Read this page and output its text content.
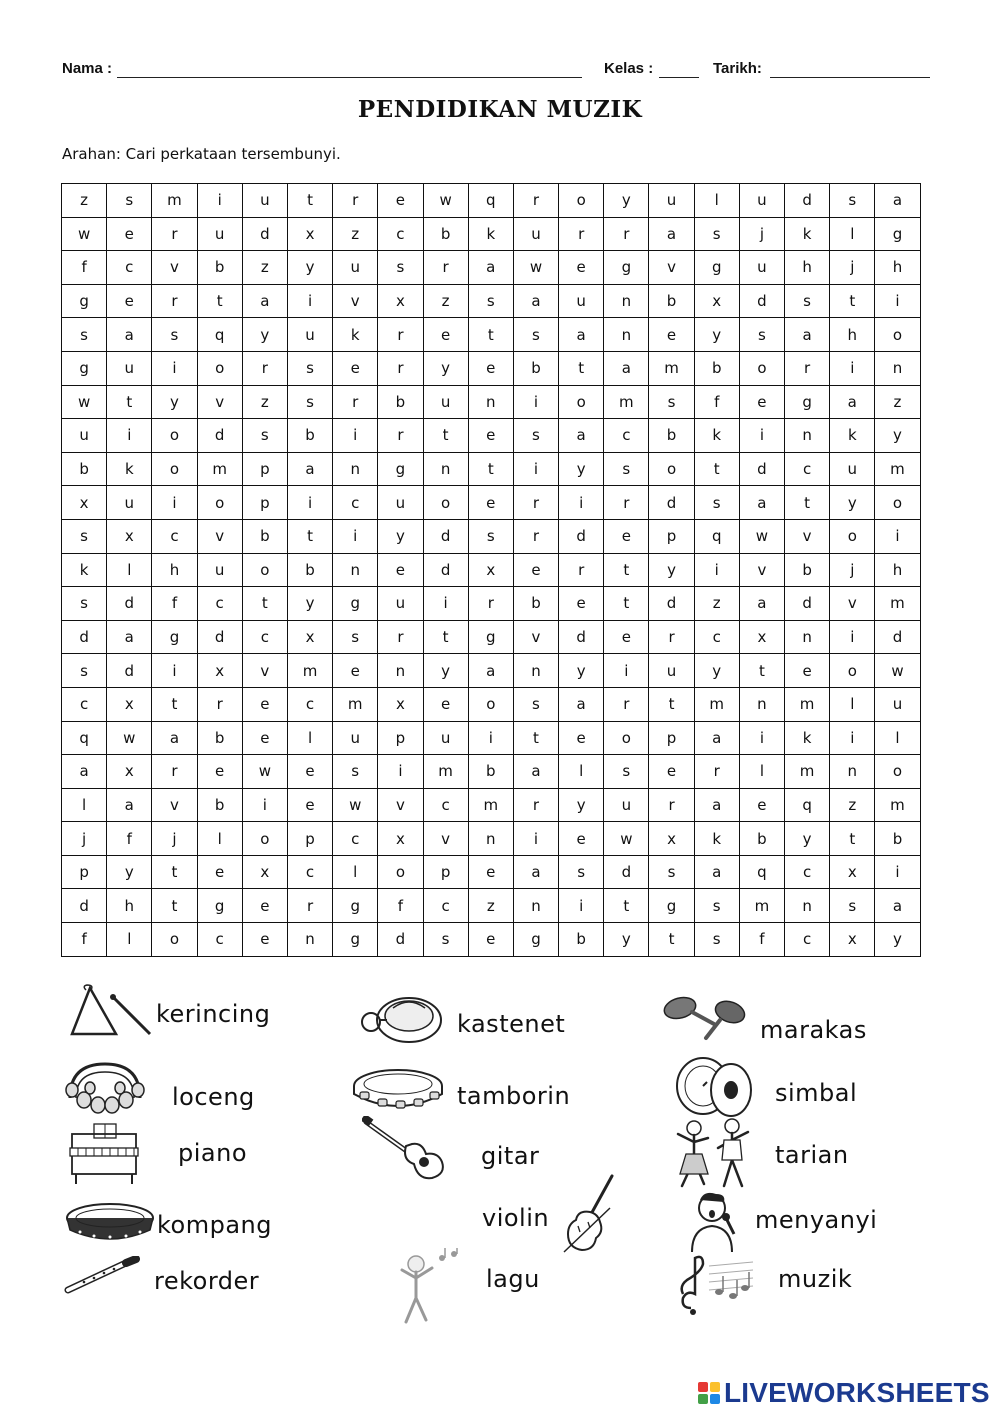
Nama :	Kelas :	Tarikh:
PENDIDIKAN MUZIK
Arahan: Cari perkataan tersembunyi.
z	s	m	i	u	t	r	e	w	q	r	o	y	u	l	u	d	s	a
w	e	r	u	d	x	z	c	b	k	u	r	r	a	s	j	k	l	g
f	c	v	b	z	y	u	s	r	a	w	e	g	v	g	u	h	j	h
g	e	r	t	a	i	v	x	z	s	a	u	n	b	x	d	s	t	i
s	a	s	q	y	u	k	r	e	t	s	a	n	e	y	s	a	h	o
g	u	i	o	r	s	e	r	y	e	b	t	a	m	b	o	r	i	n
w	t	y	v	z	s	r	b	u	n	i	o	m	s	f	e	g	a	z
u	i	o	d	s	b	i	r	t	e	s	a	c	b	k	i	n	k	y
b	k	o	m	p	a	n	g	n	t	i	y	s	o	t	d	c	u	m
x	u	i	o	p	i	c	u	o	e	r	i	r	d	s	a	t	y	o
s	x	c	v	b	t	i	y	d	s	r	d	e	p	q	w	v	o	i
k	l	h	u	o	b	n	e	d	x	e	r	t	y	i	v	b	j	h
s	d	f	c	t	y	g	u	i	r	b	e	t	d	z	a	d	v	m
d	a	g	d	c	x	s	r	t	g	v	d	e	r	c	x	n	i	d
s	d	i	x	v	m	e	n	y	a	n	y	i	u	y	t	e	o	w
c	x	t	r	e	c	m	x	e	o	s	a	r	t	m	n	m	l	u
q	w	a	b	e	l	u	p	u	i	t	e	o	p	a	i	k	i	l
a	x	r	e	w	e	s	i	m	b	a	l	s	e	r	l	m	n	o
l	a	v	b	i	e	w	v	c	m	r	y	u	r	a	e	q	z	m
j	f	j	l	o	p	c	x	v	n	i	e	w	x	k	b	y	t	b
p	y	t	e	x	c	l	o	p	e	a	s	d	s	a	q	c	x	i
d	h	t	g	e	r	g	f	c	z	n	i	t	g	s	m	n	s	a
f	l	o	c	e	n	g	d	s	e	g	b	y	t	s	f	c	x	y
kerincing
loceng
piano
kompang
rekorder
kastenet
tamborin
gitar
violin
lagu
marakas
simbal
tarian
menyanyi
muzik
LIVEWORKSHEETS
